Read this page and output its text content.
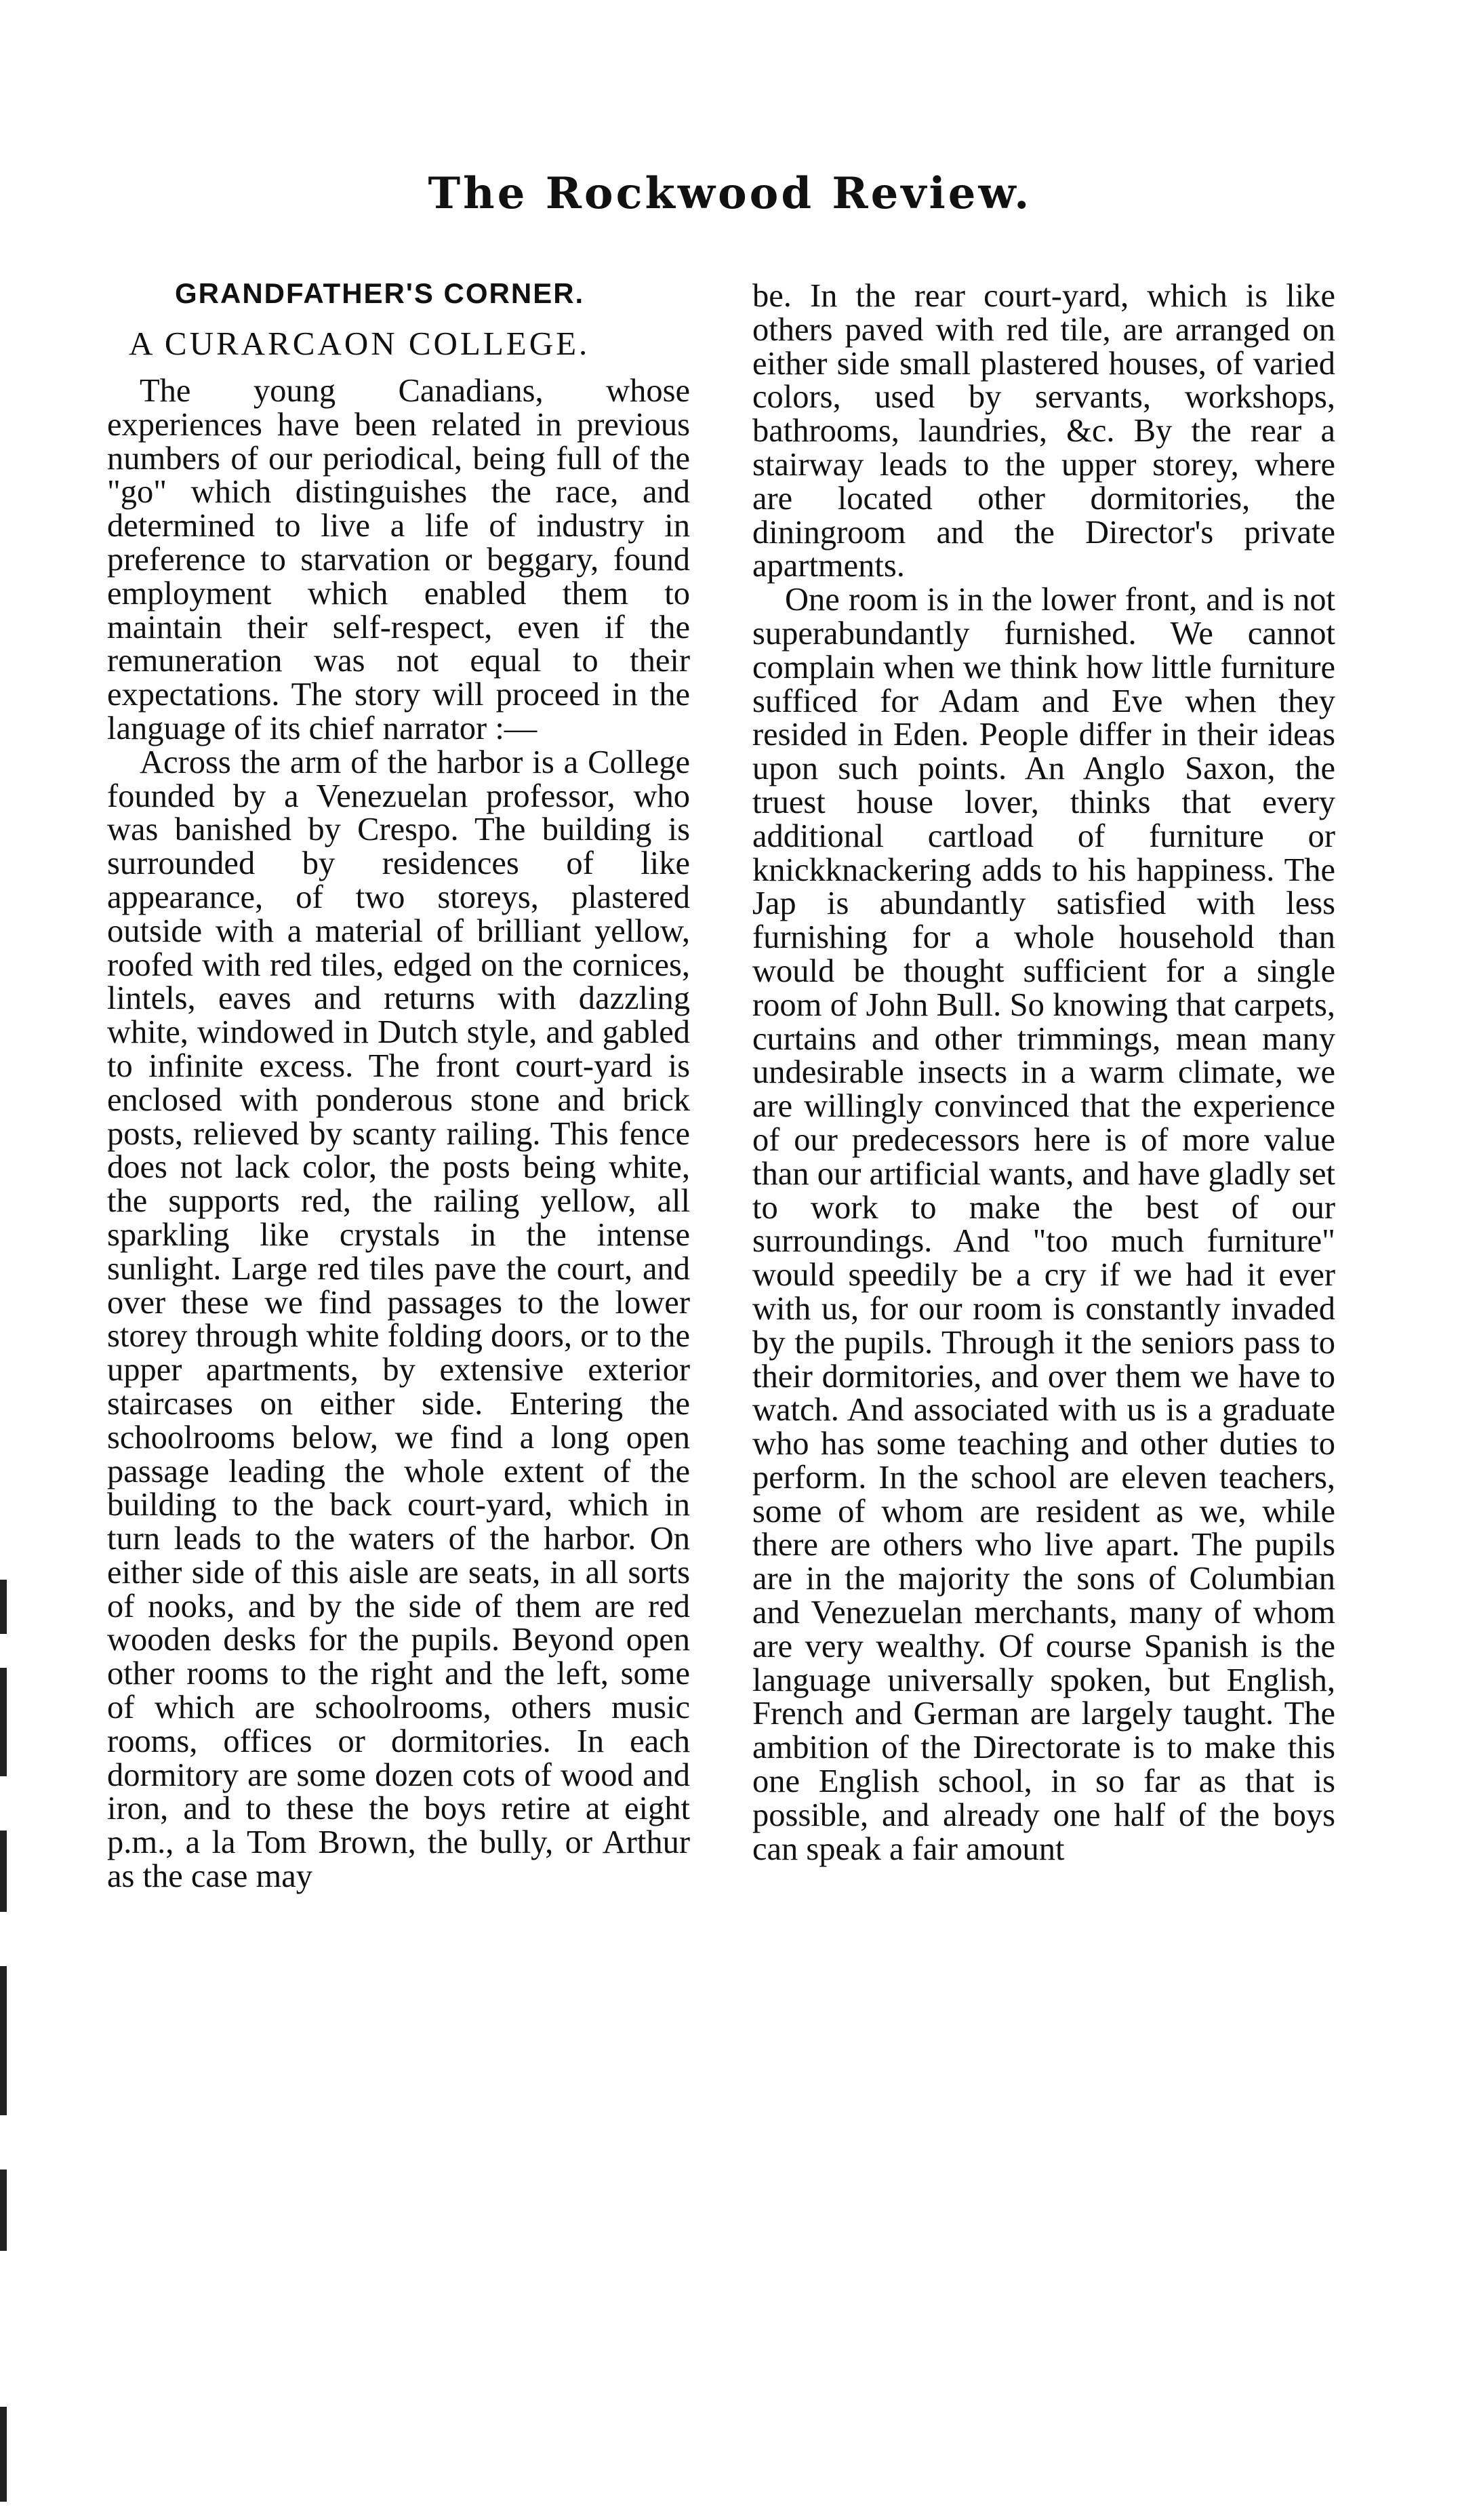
The Rockwood Review.
GRANDFATHER'S CORNER.
A CURARCAON COLLEGE.

The young Canadians, whose experiences have been related in previous numbers of our periodical, being full of the "go" which distinguishes the race, and determined to live a life of industry in preference to starvation or beggary, found employment which enabled them to maintain their self-respect, even if the remuneration was not equal to their expectations. The story will proceed in the language of its chief narrator :—

Across the arm of the harbor is a College founded by a Venezuelan professor, who was banished by Crespo. The building is surrounded by residences of like appearance, of two storeys, plastered outside with a material of brilliant yellow, roofed with red tiles, edged on the cornices, lintels, eaves and returns with dazzling white, windowed in Dutch style, and gabled to infinite excess. The front court-yard is enclosed with ponderous stone and brick posts, relieved by scanty railing. This fence does not lack color, the posts being white, the supports red, the railing yellow, all sparkling like crystals in the intense sunlight. Large red tiles pave the court, and over these we find passages to the lower storey through white folding doors, or to the upper apartments, by extensive exterior staircases on either side. Entering the schoolrooms below, we find a long open passage leading the whole extent of the building to the back court-yard, which in turn leads to the waters of the harbor. On either side of this aisle are seats, in all sorts of nooks, and by the side of them are red wooden desks for the pupils. Beyond open other rooms to the right and the left, some of which are schoolrooms, others music rooms, offices or dormitories. In each dormitory are some dozen cots of wood and iron, and to these the boys retire at eight p.m., a la Tom Brown, the bully, or Arthur as the case may

be. In the rear court-yard, which is like others paved with red tile, are arranged on either side small plastered houses, of varied colors, used by servants, workshops, bathrooms, laundries, &c. By the rear a stairway leads to the upper storey, where are located other dormitories, the diningroom and the Director's private apartments.

One room is in the lower front, and is not superabundantly furnished. We cannot complain when we think how little furniture sufficed for Adam and Eve when they resided in Eden. People differ in their ideas upon such points. An Anglo Saxon, the truest house lover, thinks that every additional cartload of furniture or knickknackering adds to his happiness. The Jap is abundantly satisfied with less furnishing for a whole household than would be thought sufficient for a single room of John Bull. So knowing that carpets, curtains and other trimmings, mean many undesirable insects in a warm climate, we are willingly convinced that the experience of our predecessors here is of more value than our artificial wants, and have gladly set to work to make the best of our surroundings. And "too much furniture" would speedily be a cry if we had it ever with us, for our room is constantly invaded by the pupils. Through it the seniors pass to their dormitories, and over them we have to watch. And associated with us is a graduate who has some teaching and other duties to perform. In the school are eleven teachers, some of whom are resident as we, while there are others who live apart. The pupils are in the majority the sons of Columbian and Venezuelan merchants, many of whom are very wealthy. Of course Spanish is the language universally spoken, but English, French and German are largely taught. The ambition of the Directorate is to make this one English school, in so far as that is possible, and already one half of the boys can speak a fair amount
